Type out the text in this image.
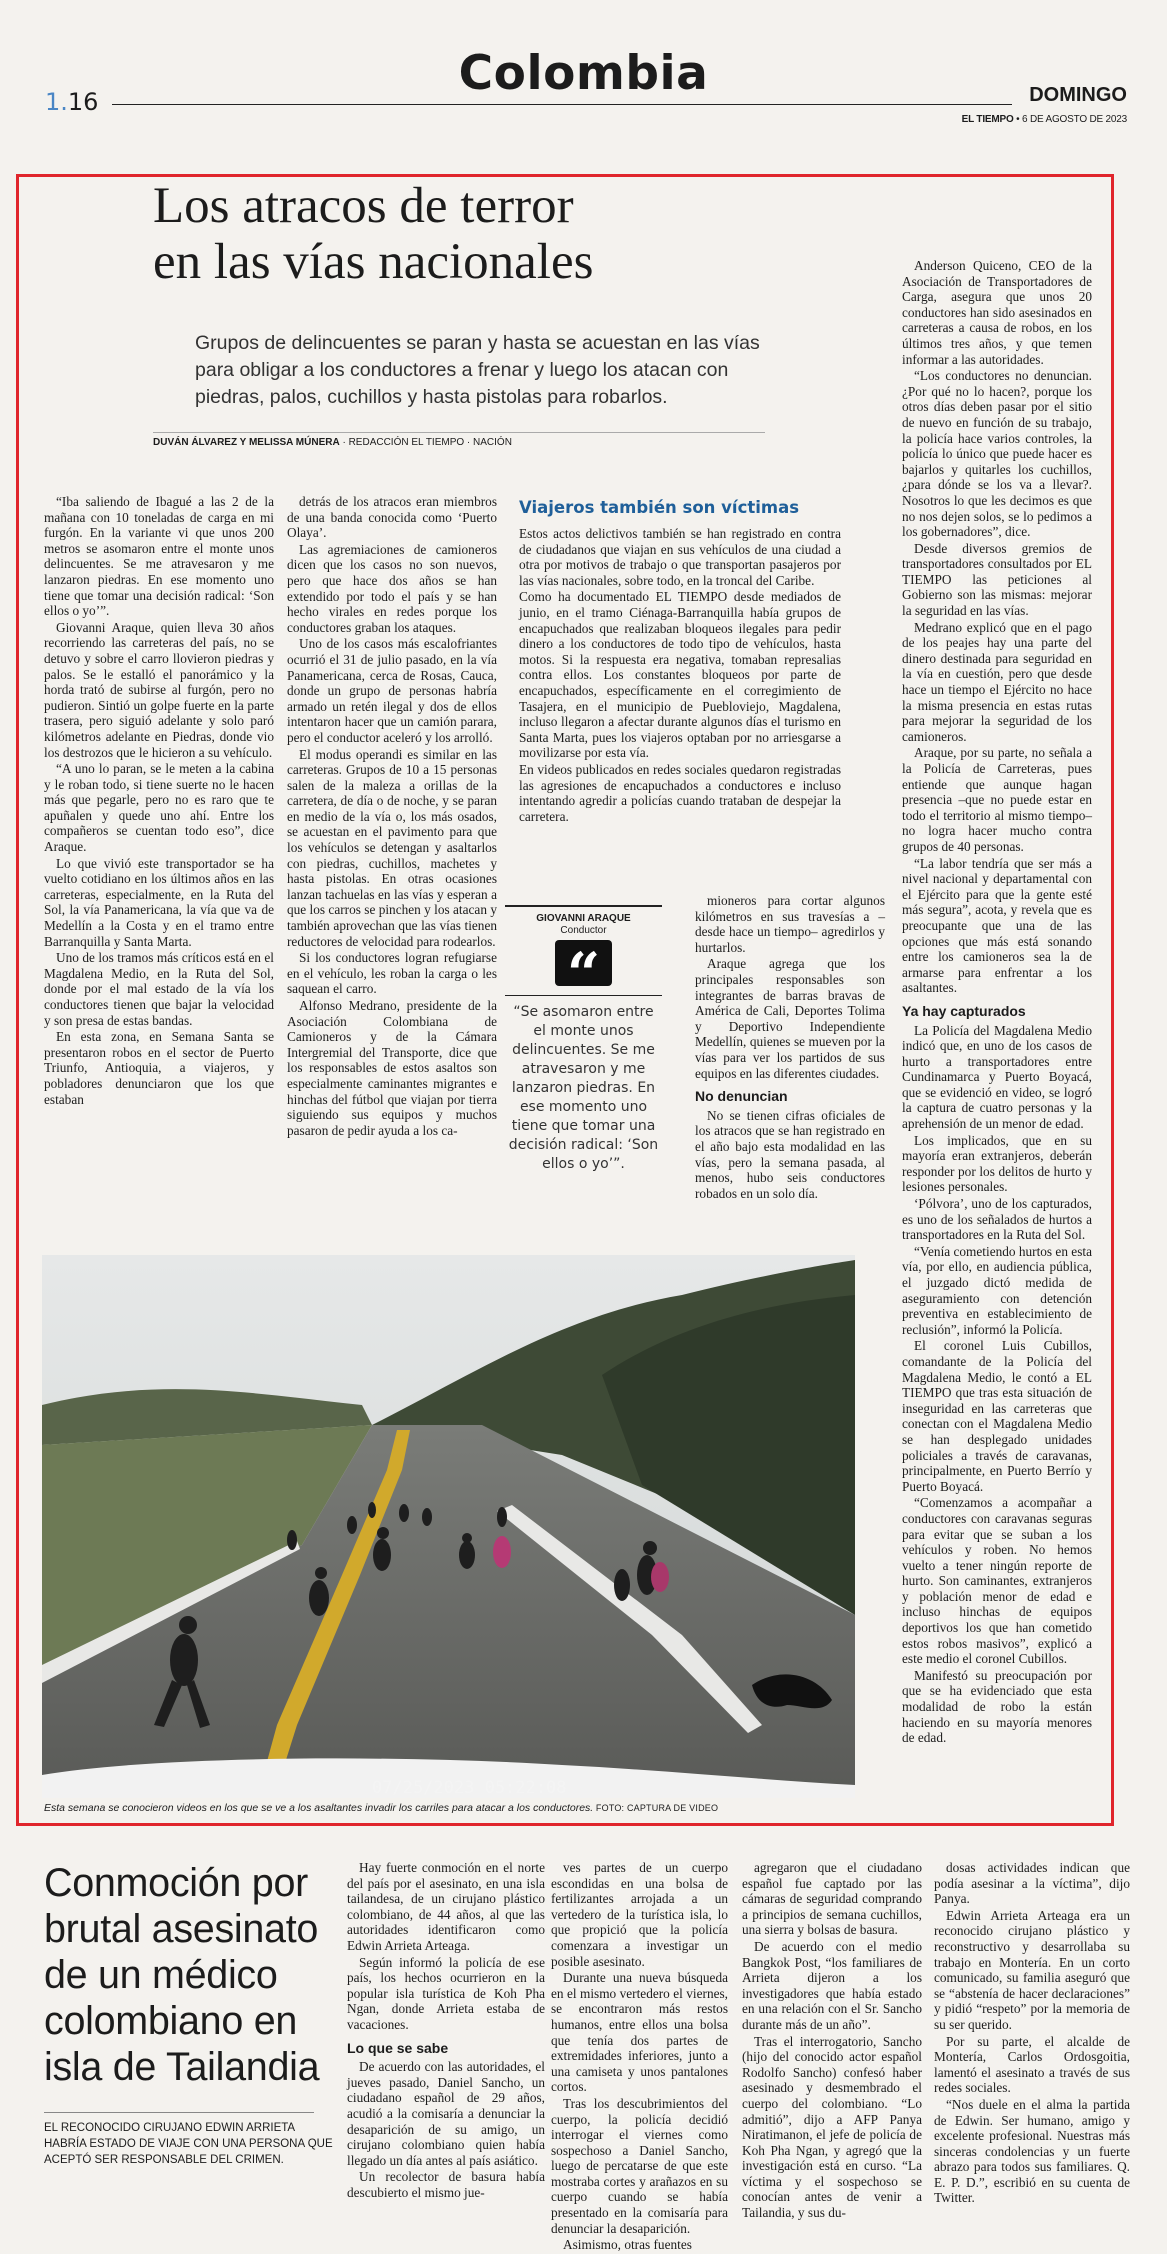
1.16
Colombia	DOMINGO
EL TIEMPO • 6 DE AGOSTO DE 2023
Los atracos de terror
en las vías nacionales
Grupos de delincuentes se paran y hasta se acuestan en las vías para obligar a los conductores a frenar y luego los atacan con piedras, palos, cuchillos y hasta pistolas para robarlos.
DUVÁN ÁLVAREZ Y MELISSA MÚNERA · REDACCIÓN EL TIEMPO · NACIÓN

“Iba saliendo de Ibagué a las 2 de la mañana con 10 toneladas de carga en mi furgón. En la variante vi que unos 200 metros se asomaron entre el monte unos delincuentes. Se me atravesaron y me lanzaron piedras. En ese momento uno tiene que tomar una decisión radical: ‘Son ellos o yo’”.

Giovanni Araque, quien lleva 30 años recorriendo las carreteras del país, no se detuvo y sobre el carro llovieron piedras y palos. Se le estalló el panorámico y la horda trató de subirse al furgón, pero no pudieron. Sintió un golpe fuerte en la parte trasera, pero siguió adelante y solo paró kilómetros adelante en Piedras, donde vio los destrozos que le hicieron a su vehículo.

“A uno lo paran, se le meten a la cabina y le roban todo, si tiene suerte no le hacen más que pegarle, pero no es raro que te apuñalen y quede uno ahí. Entre los compañeros se cuentan todo eso”, dice Araque.

Lo que vivió este transportador se ha vuelto cotidiano en los últimos años en las carreteras, especialmente, en la Ruta del Sol, la vía Panamericana, la vía que va de Medellín a la Costa y en el tramo entre Barranquilla y Santa Marta.

Uno de los tramos más críticos está en el Magdalena Medio, en la Ruta del Sol, donde por el mal estado de la vía los conductores tienen que bajar la velocidad y son presa de estas bandas.

En esta zona, en Semana Santa se presentaron robos en el sector de Puerto Triunfo, Antioquia, a viajeros, y pobladores denunciaron que los que estaban

detrás de los atracos eran miembros de una banda conocida como ‘Puerto Olaya’.

Las agremiaciones de camioneros dicen que los casos no son nuevos, pero que hace dos años se han extendido por todo el país y se han hecho virales en redes porque los conductores graban los ataques.

Uno de los casos más escalofriantes ocurrió el 31 de julio pasado, en la vía Panamericana, cerca de Rosas, Cauca, donde un grupo de personas habría armado un retén ilegal y dos de ellos intentaron hacer que un camión parara, pero el conductor aceleró y los arrolló.

El modus operandi es similar en las carreteras. Grupos de 10 a 15 personas salen de la maleza a orillas de la carretera, de día o de noche, y se paran en medio de la vía o, los más osados, se acuestan en el pavimento para que los vehículos se detengan y asaltarlos con piedras, cuchillos, machetes y hasta pistolas. En otras ocasiones lanzan tachuelas en las vías y esperan a que los carros se pinchen y los atacan y también aprovechan que las vías tienen reductores de velocidad para rodearlos.

Si los conductores logran refugiarse en el vehículo, les roban la carga o les saquean el carro.

Alfonso Medrano, presidente de la Asociación Colombiana de Camioneros y de la Cámara Intergremial del Transporte, dice que los responsables de estos asaltos son especialmente caminantes migrantes e hinchas del fútbol que viajan por tierra siguiendo sus equipos y muchos pasaron de pedir ayuda a los ca-

Viajeros también son víctimas

Estos actos delictivos también se han registrado en contra de ciudadanos que viajan en sus vehículos de una ciudad a otra por motivos de trabajo o que transportan pasajeros por las vías nacionales, sobre todo, en la troncal del Caribe.

Como ha documentado EL TIEMPO desde mediados de junio, en el tramo Ciénaga-Barranquilla había grupos de encapuchados que realizaban bloqueos ilegales para pedir dinero a los conductores de todo tipo de vehículos, hasta motos. Si la respuesta era negativa, tomaban represalias contra ellos. Los constantes bloqueos por parte de encapuchados, específicamente en el corregimiento de Tasajera, en el municipio de Puebloviejo, Magdalena, incluso llegaron a afectar durante algunos días el turismo en Santa Marta, pues los viajeros optaban por no arriesgarse a movilizarse por esta vía.

En videos publicados en redes sociales quedaron registradas las agresiones de encapuchados a conductores e incluso intentando agredir a policías cuando trataban de despejar la carretera.

GIOVANNI ARAQUE
Conductor
“
“Se asomaron entre el monte unos delincuentes. Se me atravesaron y me lanzaron piedras. En ese momento uno tiene que tomar una decisión radical: ‘Son ellos o yo’”.

mioneros para cortar algunos kilómetros en sus travesías a –desde hace un tiempo– agredirlos y hurtarlos.

Araque agrega que los principales responsables son integrantes de barras bravas de América de Cali, Deportes Tolima y Deportivo Independiente Medellín, quienes se mueven por la vías para ver los partidos de sus equipos en las diferentes ciudades.

No denuncian

No se tienen cifras oficiales de los atracos que se han registrado en el año bajo esta modalidad en las vías, pero la semana pasada, al menos, hubo seis conductores robados en un solo día.

Anderson Quiceno, CEO de la Asociación de Transportadores de Carga, asegura que unos 20 conductores han sido asesinados en carreteras a causa de robos, en los últimos tres años, y que temen informar a las autoridades.

“Los conductores no denuncian. ¿Por qué no lo hacen?, porque los otros días deben pasar por el sitio de nuevo en función de su trabajo, la policía hace varios controles, la policía lo único que puede hacer es bajarlos y quitarles los cuchillos, ¿para dónde se los va a llevar?. Nosotros lo que les decimos es que no nos dejen solos, se lo pedimos a los gobernadores”, dice.

Desde diversos gremios de transportadores consultados por EL TIEMPO las peticiones al Gobierno son las mismas: mejorar la seguridad en las vías.

Medrano explicó que en el pago de los peajes hay una parte del dinero destinada para seguridad en la vía en cuestión, pero que desde hace un tiempo el Ejército no hace la misma presencia en estas rutas para mejorar la seguridad de los camioneros.

Araque, por su parte, no señala a la Policía de Carreteras, pues entiende que aunque hagan presencia –que no puede estar en todo el territorio al mismo tiempo– no logra hacer mucho contra grupos de 40 personas.

“La labor tendría que ser más a nivel nacional y departamental con el Ejército para que la gente esté más segura”, acota, y revela que es preocupante que una de las opciones que más está sonando entre los camioneros sea la de armarse para enfrentar a los asaltantes.

Ya hay capturados

La Policía del Magdalena Medio indicó que, en uno de los casos de hurto a transportadores entre Cundinamarca y Puerto Boyacá, que se evidenció en video, se logró la captura de cuatro personas y la aprehensión de un menor de edad.

Los implicados, que en su mayoría eran extranjeros, deberán responder por los delitos de hurto y lesiones personales.

‘Pólvora’, uno de los capturados, es uno de los señalados de hurtos a transportadores en la Ruta del Sol.

“Venía cometiendo hurtos en esta vía, por ello, en audiencia pública, el juzgado dictó medida de aseguramiento con detención preventiva en establecimiento de reclusión”, informó la Policía.

El coronel Luis Cubillos, comandante de la Policía del Magdalena Medio, le contó a EL TIEMPO que tras esta situación de inseguridad en las carreteras que conectan con el Magdalena Medio se han desplegado unidades policiales a través de caravanas, principalmente, en Puerto Berrío y Puerto Boyacá.

“Comenzamos a acompañar a conductores con caravanas seguras para evitar que se suban a los vehículos y roben. No hemos vuelto a tener ningún reporte de hurto. Son caminantes, extranjeros y población menor de edad e incluso hinchas de equipos deportivos los que han cometido estos robos masivos”, explicó a este medio el coronel Cubillos.

Manifestó su preocupación por que se ha evidenciado que esta modalidad de robo la están haciendo en su mayoría menores de edad.

07/25/2023 05:22:08
Esta semana se conocieron videos en los que se ve a los asaltantes invadir los carriles para atacar a los conductores. FOTO: CAPTURA DE VIDEO
Conmoción por brutal asesinato de un médico colombiano en isla de Tailandia
EL RECONOCIDO CIRUJANO EDWIN ARRIETA HABRÍA ESTADO DE VIAJE CON UNA PERSONA QUE ACEPTÓ SER RESPONSABLE DEL CRIMEN.

Hay fuerte conmoción en el norte del país por el asesinato, en una isla tailandesa, de un cirujano plástico colombiano, de 44 años, al que las autoridades identificaron como Edwin Arrieta Arteaga.

Según informó la policía de ese país, los hechos ocurrieron en la popular isla turística de Koh Pha Ngan, donde Arrieta estaba de vacaciones.

Lo que se sabe

De acuerdo con las autoridades, el jueves pasado, Daniel Sancho, un ciudadano español de 29 años, acudió a la comisaría a denunciar la desaparición de su amigo, un cirujano colombiano quien había llegado un día antes al país asiático.

Un recolector de basura había descubierto el mismo jue-

ves partes de un cuerpo escondidas en una bolsa de fertilizantes arrojada a un vertedero de la turística isla, lo que propició que la policía comenzara a investigar un posible asesinato.

Durante una nueva búsqueda en el mismo vertedero el viernes, se encontraron más restos humanos, entre ellos una bolsa que tenía dos partes de extremidades inferiores, junto a una camiseta y unos pantalones cortos.

Tras los descubrimientos del cuerpo, la policía decidió interrogar el viernes como sospechoso a Daniel Sancho, luego de percatarse de que este mostraba cortes y arañazos en su cuerpo cuando se había presentado en la comisaría para denunciar la desaparición.

Asimismo, otras fuentes

agregaron que el ciudadano español fue captado por las cámaras de seguridad comprando a principios de semana cuchillos, una sierra y bolsas de basura.

De acuerdo con el medio Bangkok Post, “los familiares de Arrieta dijeron a los investigadores que había estado en una relación con el Sr. Sancho durante más de un año”.

Tras el interrogatorio, Sancho (hijo del conocido actor español Rodolfo Sancho) confesó haber asesinado y desmembrado el cuerpo del colombiano. “Lo admitió”, dijo a AFP Panya Niratimanon, el jefe de policía de Koh Pha Ngan, y agregó que la investigación está en curso. “La víctima y el sospechoso se conocían antes de venir a Tailandia, y sus du-

dosas actividades indican que podía asesinar a la víctima”, dijo Panya.

Edwin Arrieta Arteaga era un reconocido cirujano plástico y reconstructivo y desarrollaba su trabajo en Montería. En un corto comunicado, su familia aseguró que se “abstenía de hacer declaraciones” y pidió “respeto” por la memoria de su ser querido.

Por su parte, el alcalde de Montería, Carlos Ordosgoitia, lamentó el asesinato a través de sus redes sociales.

“Nos duele en el alma la partida de Edwin. Ser humano, amigo y excelente profesional. Nuestras más sinceras condolencias y un fuerte abrazo para todos sus familiares. Q. E. P. D.”, escribió en su cuenta de Twitter.
